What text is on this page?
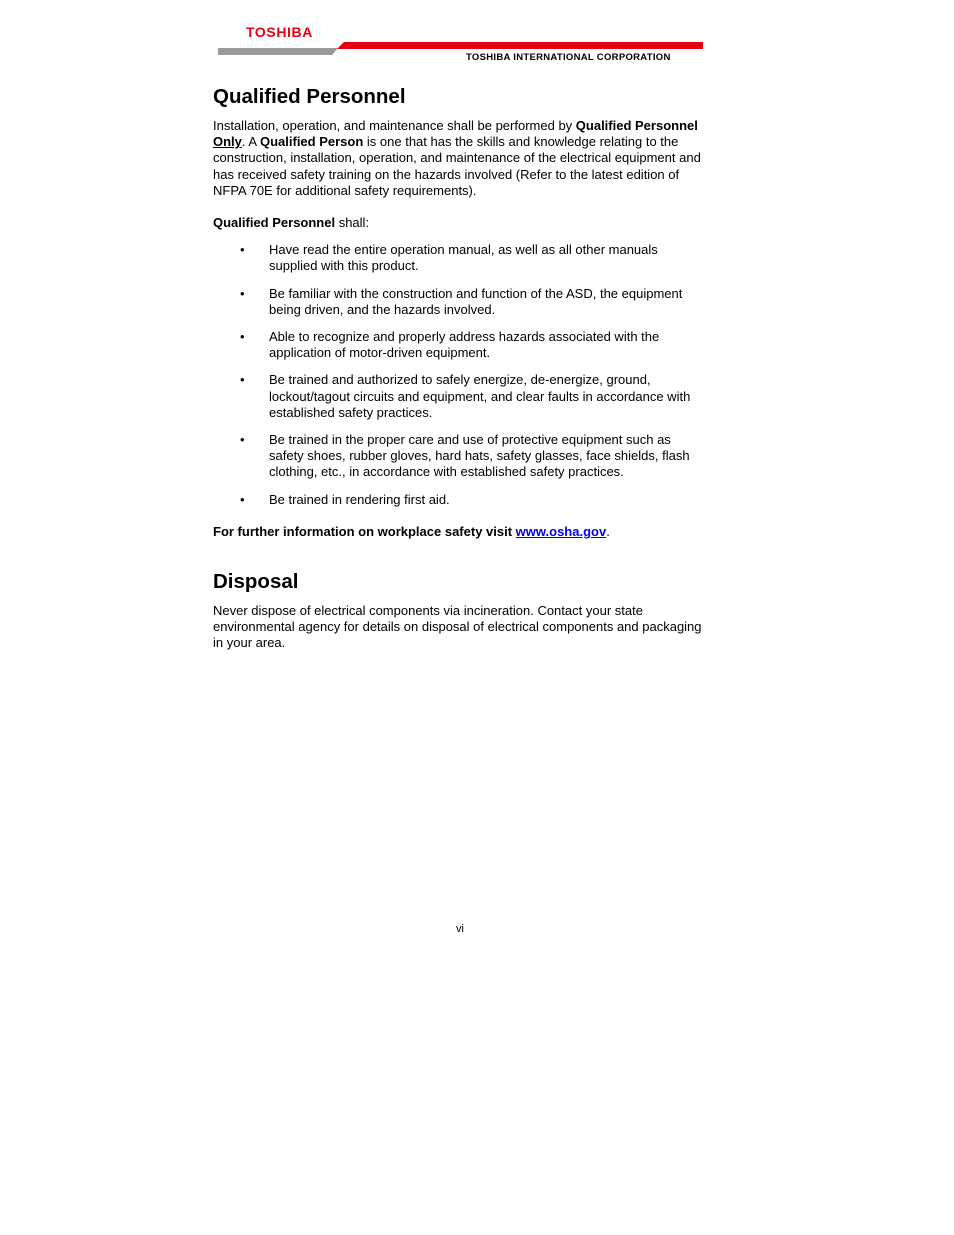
TOSHIBA

TOSHIBA INTERNATIONAL CORPORATION

Qualified Personnel

Installation, operation, and maintenance shall be performed by Qualified Personnel Only. A Qualified Person is one that has the skills and knowledge relating to the construction, installation, operation, and maintenance of the electrical equipment and has received safety training on the hazards involved (Refer to the latest edition of NFPA 70E for additional safety requirements).

Qualified Personnel shall:

• Have read the entire operation manual, as well as all other manuals supplied with this product.
• Be familiar with the construction and function of the ASD, the equipment being driven, and the hazards involved.
• Able to recognize and properly address hazards associated with the application of motor-driven equipment.
• Be trained and authorized to safely energize, de-energize, ground, lockout/tagout circuits and equipment, and clear faults in accordance with established safety practices.
• Be trained in the proper care and use of protective equipment such as safety shoes, rubber gloves, hard hats, safety glasses, face shields, flash clothing, etc., in accordance with established safety practices.
• Be trained in rendering first aid.

For further information on workplace safety visit www.osha.gov.

Disposal

Never dispose of electrical components via incineration. Contact your state environmental agency for details on disposal of electrical components and packaging in your area.

vi
